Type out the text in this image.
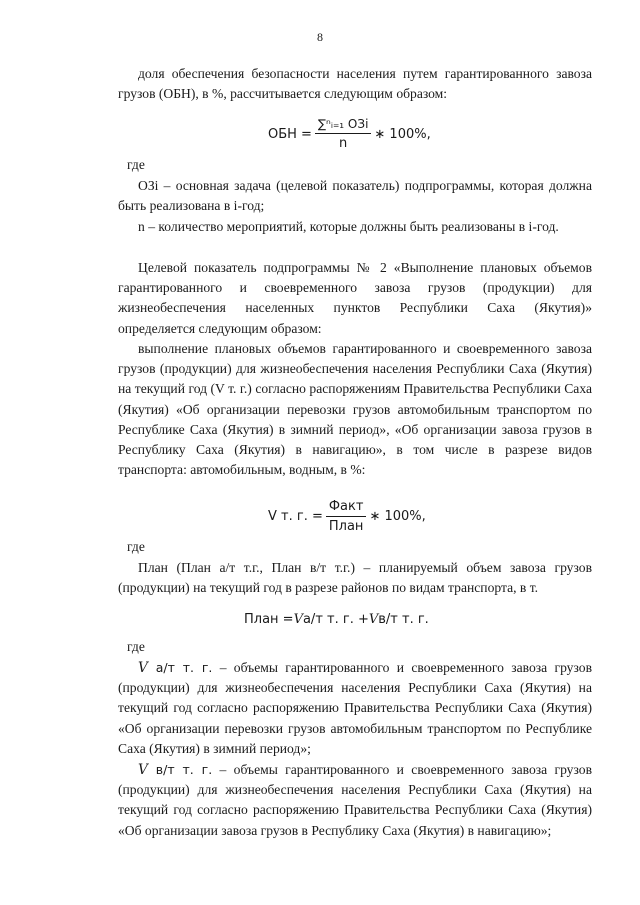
8
доля обеспечения безопасности населения путем гарантированного завоза грузов (ОБН), в %, рассчитывается следующим образом:
ОБН = $\frac{\text{∑ⁿᵢ₌₁ ОЗi}}{n}$ ∗ 100%,
где
ОЗi – основная задача (целевой показатель) подпрограммы, которая должна быть реализована в i-год;
n – количество мероприятий, которые должны быть реализованы в i-год.
Целевой показатель подпрограммы № 2 «Выполнение плановых объемов гарантированного и своевременного завоза грузов (продукции) для жизнеобеспечения населенных пунктов Республики Саха (Якутия)» определяется следующим образом:
выполнение плановых объемов гарантированного и своевременного завоза грузов (продукции) для жизнеобеспечения населения Республики Саха (Якутия) на текущий год (V т. г.) согласно распоряжениям Правительства Республики Саха (Якутия) «Об организации перевозки грузов автомобильным транспортом по Республике Саха (Якутия) в зимний период», «Об организации завоза грузов в Республику Саха (Якутия) в навигацию», в том числе в разрезе видов транспорта: автомобильным, водным, в %:
V т. г. = $\frac{\text{Факт}}{\text{План}}$ ∗ 100%,
где
План (План а/т т.г., План в/т т.г.) – планируемый объем завоза грузов (продукции) на текущий год в разрезе районов по видам транспорта, в т.
План = V а/т т. г. + V в/т т. г.
где
V а/т т. г. – объемы гарантированного и своевременного завоза грузов (продукции) для жизнеобеспечения населения Республики Саха (Якутия) на текущий год согласно распоряжению Правительства Республики Саха (Якутия) «Об организации перевозки грузов автомобильным транспортом по Республике Саха (Якутия) в зимний период»;
V в/т т. г. – объемы гарантированного и своевременного завоза грузов (продукции) для жизнеобеспечения населения Республики Саха (Якутия) на текущий год согласно распоряжению Правительства Республики Саха (Якутия) «Об организации завоза грузов в Республику Саха (Якутия) в навигацию»;
